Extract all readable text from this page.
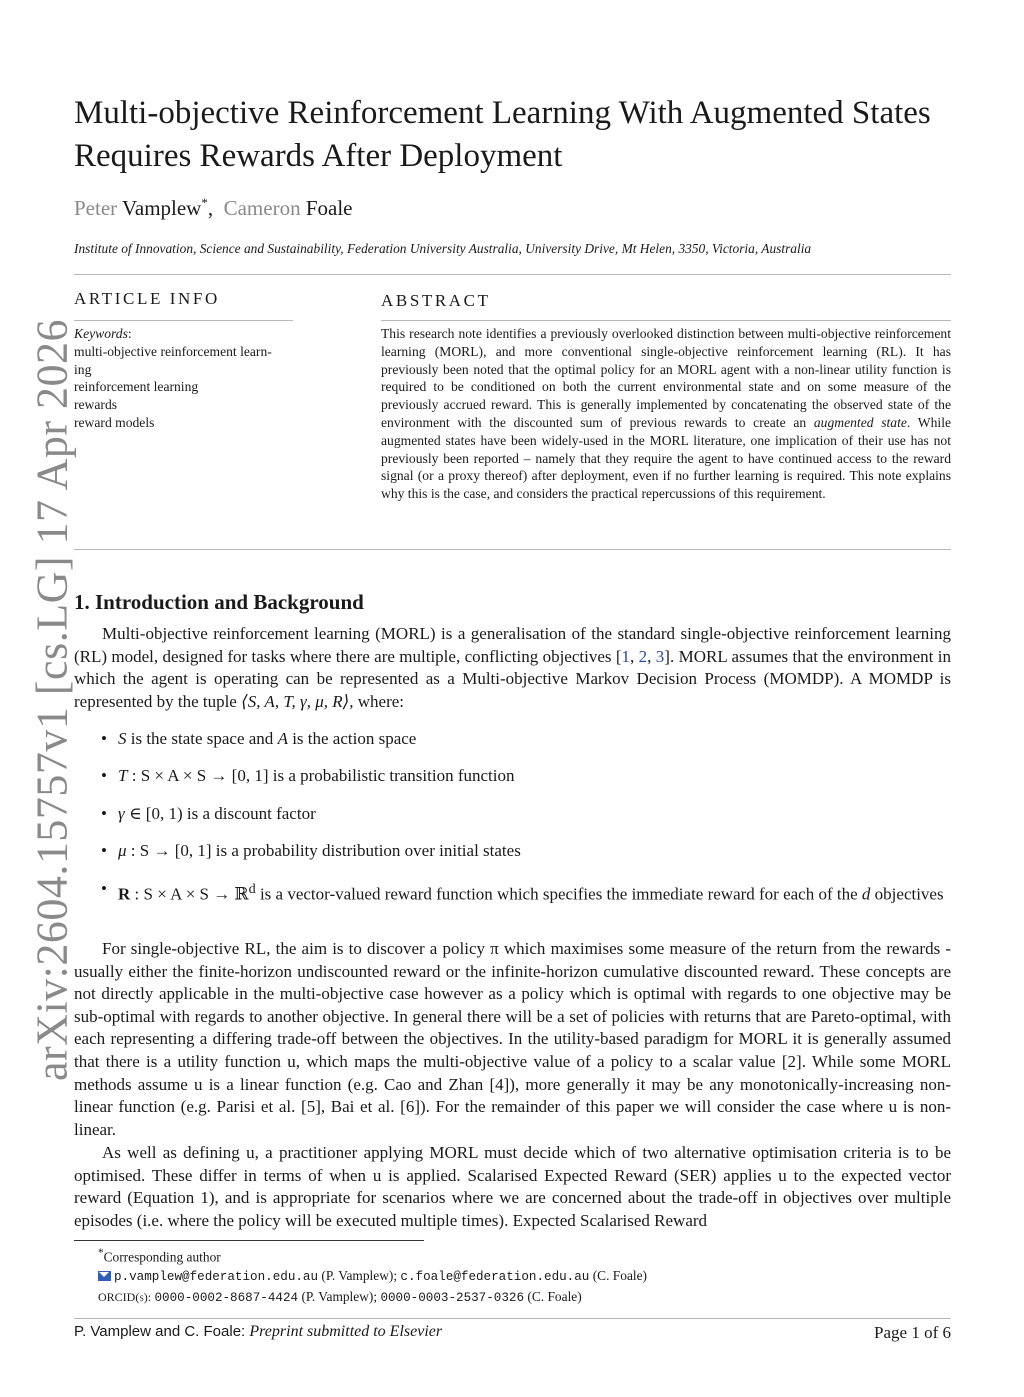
arXiv:2604.15757v1 [cs.LG] 17 Apr 2026
Multi-objective Reinforcement Learning With Augmented States Requires Rewards After Deployment
Peter Vamplew*,  Cameron Foale
Institute of Innovation, Science and Sustainability, Federation University Australia, University Drive, Mt Helen, 3350, Victoria, Australia
ARTICLE INFO
Keywords:
multi-objective reinforcement learn-
ing
reinforcement learning
rewards
reward models
ABSTRACT
This research note identifies a previously overlooked distinction between multi-objective reinforcement learning (MORL), and more conventional single-objective reinforcement learning (RL). It has previously been noted that the optimal policy for an MORL agent with a non-linear utility function is required to be conditioned on both the current environmental state and on some measure of the previously accrued reward. This is generally implemented by concatenating the observed state of the environment with the discounted sum of previous rewards to create an augmented state. While augmented states have been widely-used in the MORL literature, one implication of their use has not previously been reported – namely that they require the agent to have continued access to the reward signal (or a proxy thereof) after deployment, even if no further learning is required. This note explains why this is the case, and considers the practical repercussions of this requirement.
1. Introduction and Background

Multi-objective reinforcement learning (MORL) is a generalisation of the standard single-objective reinforcement learning (RL) model, designed for tasks where there are multiple, conflicting objectives [1, 2, 3]. MORL assumes that the environment in which the agent is operating can be represented as a Multi-objective Markov Decision Process (MOMDP). A MOMDP is represented by the tuple ⟨S, A, T, γ, μ, R⟩, where:

• S is the state space and A is the action space
• T : S × A × S → [0, 1] is a probabilistic transition function
• γ ∈ [0, 1) is a discount factor
• μ : S → [0, 1] is a probability distribution over initial states
• R : S × A × S → ℝ$^d$ is a vector-valued reward function which specifies the immediate reward for each of the d objectives

For single-objective RL, the aim is to discover a policy π which maximises some measure of the return from the rewards - usually either the finite-horizon undiscounted reward or the infinite-horizon cumulative discounted reward. These concepts are not directly applicable in the multi-objective case however as a policy which is optimal with regards to one objective may be sub-optimal with regards to another objective. In general there will be a set of policies with returns that are Pareto-optimal, with each representing a differing trade-off between the objectives. In the utility-based paradigm for MORL it is generally assumed that there is a utility function u, which maps the multi-objective value of a policy to a scalar value [2]. While some MORL methods assume u is a linear function (e.g. Cao and Zhan [4]), more generally it may be any monotonically-increasing non-linear function (e.g. Parisi et al. [5], Bai et al. [6]). For the remainder of this paper we will consider the case where u is non-linear.

As well as defining u, a practitioner applying MORL must decide which of two alternative optimisation criteria is to be optimised. These differ in terms of when u is applied. Scalarised Expected Reward (SER) applies u to the expected vector reward (Equation 1), and is appropriate for scenarios where we are concerned about the trade-off in objectives over multiple episodes (i.e. where the policy will be executed multiple times). Expected Scalarised Reward

*Corresponding author
p.vamplew@federation.edu.au (P. Vamplew); c.foale@federation.edu.au (C. Foale)
ORCID(s): 0000-0002-8687-4424 (P. Vamplew); 0000-0003-2537-0326 (C. Foale)
P. Vamplew and C. Foale: Preprint submitted to Elsevier	Page 1 of 6
